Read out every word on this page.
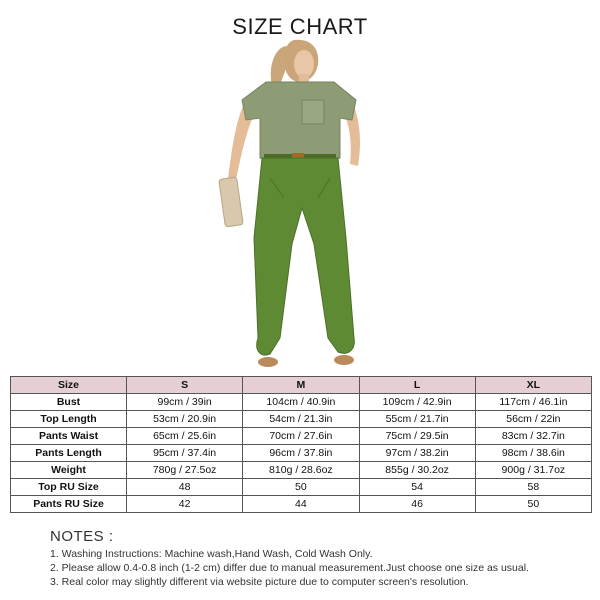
SIZE CHART
Size	S	M	L	XL
Bust	99cm / 39in	104cm / 40.9in	109cm / 42.9in	117cm / 46.1in
Top Length	53cm / 20.9in	54cm / 21.3in	55cm / 21.7in	56cm / 22in
Pants Waist	65cm / 25.6in	70cm / 27.6in	75cm / 29.5in	83cm / 32.7in
Pants Length	95cm / 37.4in	96cm / 37.8in	97cm / 38.2in	98cm / 38.6in
Weight	780g / 27.5oz	810g / 28.6oz	855g / 30.2oz	900g / 31.7oz
Top RU Size	48	50	54	58
Pants RU Size	42	44	46	50
NOTES :
1. Washing Instructions: Machine wash,Hand Wash, Cold Wash Only.
2. Please allow 0.4-0.8 inch (1-2 cm) differ due to manual measurement.Just choose one size as usual.
3. Real color may slightly different via website picture due to computer screen's resolution.
